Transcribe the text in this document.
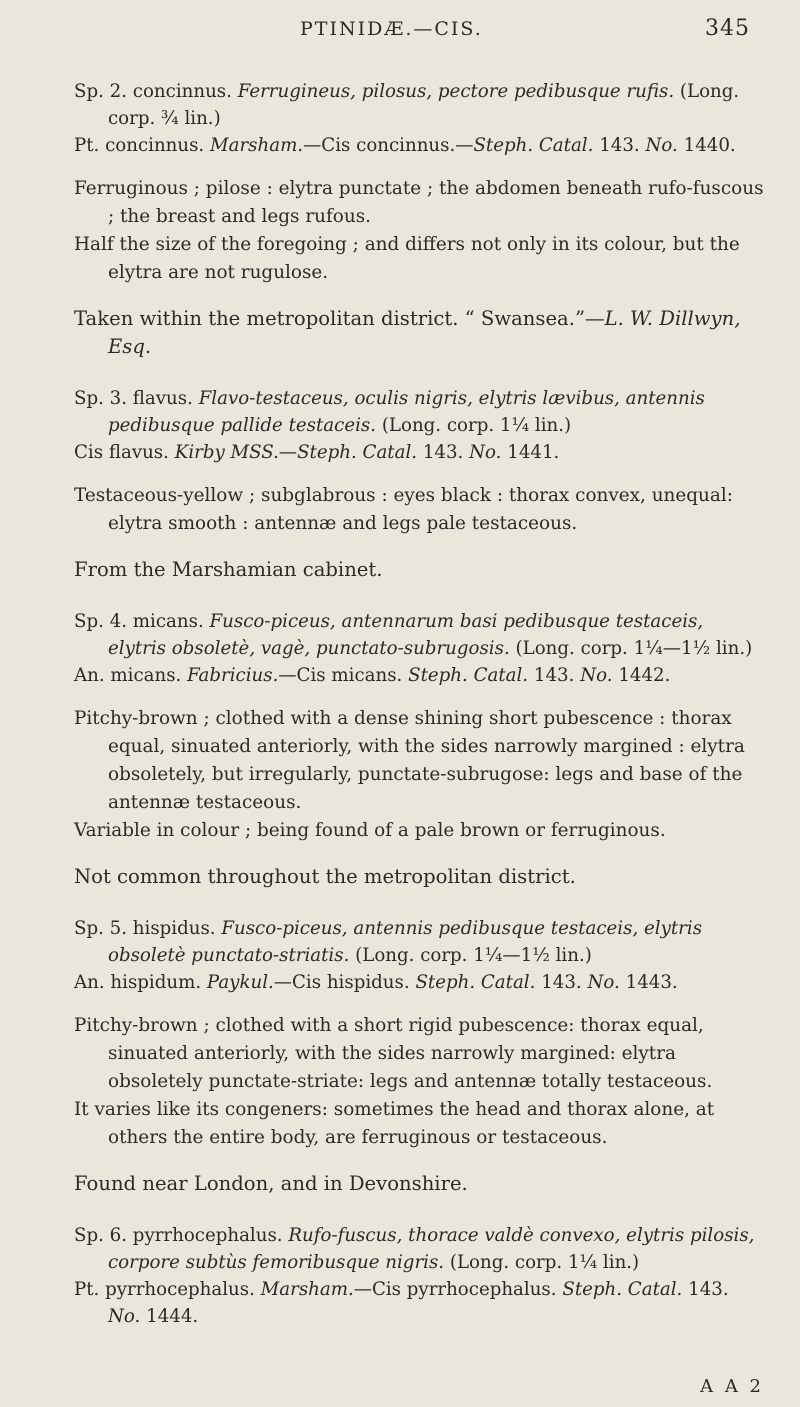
PTINIDÆ.—CIS.	345
Sp. 2. concinnus. Ferrugineus, pilosus, pectore pedibusque rufis. (Long. corp. ¾ lin.)
Pt. concinnus. Marsham.—Cis concinnus.—Steph. Catal. 143. No. 1440.

Ferruginous ; pilose : elytra punctate ; the abdomen beneath rufo-fuscous ; the breast and legs rufous.

Half the size of the foregoing ; and differs not only in its colour, but the elytra are not rugulose.

Taken within the metropolitan district. “ Swansea.”—L. W. Dillwyn, Esq.

Sp. 3. flavus. Flavo-testaceus, oculis nigris, elytris lævibus, antennis pedibusque pallide testaceis. (Long. corp. 1¼ lin.)
Cis flavus. Kirby MSS.—Steph. Catal. 143. No. 1441.

Testaceous-yellow ; subglabrous : eyes black : thorax convex, unequal: elytra smooth : antennæ and legs pale testaceous.

From the Marshamian cabinet.

Sp. 4. micans. Fusco-piceus, antennarum basi pedibusque testaceis, elytris obsoletè, vagè, punctato-subrugosis. (Long. corp. 1¼—1½ lin.)
An. micans. Fabricius.—Cis micans. Steph. Catal. 143. No. 1442.

Pitchy-brown ; clothed with a dense shining short pubescence : thorax equal, sinuated anteriorly, with the sides narrowly margined : elytra obsoletely, but irregularly, punctate-subrugose: legs and base of the antennæ testaceous.

Variable in colour ; being found of a pale brown or ferruginous.

Not common throughout the metropolitan district.

Sp. 5. hispidus. Fusco-piceus, antennis pedibusque testaceis, elytris obsoletè punctato-striatis. (Long. corp. 1¼—1½ lin.)
An. hispidum. Paykul.—Cis hispidus. Steph. Catal. 143. No. 1443.

Pitchy-brown ; clothed with a short rigid pubescence: thorax equal, sinuated anteriorly, with the sides narrowly margined: elytra obsoletely punctate-striate: legs and antennæ totally testaceous.

It varies like its congeners: sometimes the head and thorax alone, at others the entire body, are ferruginous or testaceous.

Found near London, and in Devonshire.

Sp. 6. pyrrhocephalus. Rufo-fuscus, thorace valdè convexo, elytris pilosis, corpore subtùs femoribusque nigris. (Long. corp. 1¼ lin.)
Pt. pyrrhocephalus. Marsham.—Cis pyrrhocephalus. Steph. Catal. 143. No. 1444.
A A 2
